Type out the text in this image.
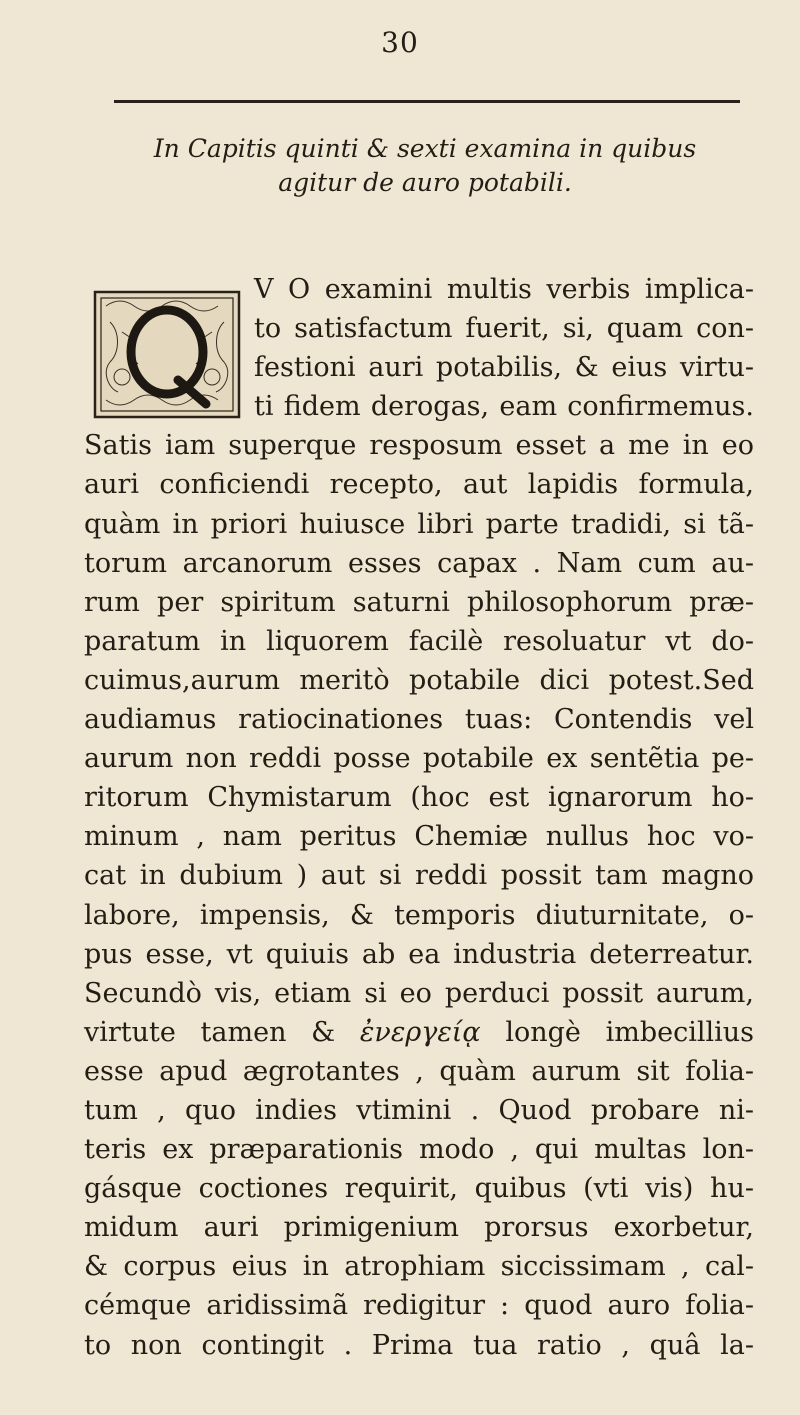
30
In Capitis quinti & sexti examina in quibus
agitur de auro potabili.
Q	V O examini multis verbis implica-
to satisfactum fuerit, si, quam con-
festioni auri potabilis, & eius virtu-
ti fidem derogas, eam confirmemus.
Satis iam superque resposum esset a me in eo
auri conficiendi recepto, aut lapidis formula,
quàm in priori huiusce libri parte tradidi, si tã-
torum arcanorum esses capax . Nam cum au-
rum per spiritum saturni philosophorum præ-
paratum in liquorem facilè resoluatur vt do-
cuimus,aurum meritò potabile dici potest.Sed
audiamus ratiocinationes tuas: Contendis vel
aurum non reddi posse potabile ex sentẽtia pe-
ritorum Chymistarum (hoc est ignarorum ho-
minum , nam peritus Chemiæ nullus hoc vo-
cat in dubium ) aut si reddi possit tam magno
labore, impensis, & temporis diuturnitate, o-
pus esse, vt quiuis ab ea industria deterreatur.
Secundò vis, etiam si eo perduci possit aurum,
virtute tamen & ἐνεργείᾳ longè imbecillius
esse apud ægrotantes , quàm aurum sit folia-
tum , quo indies vtimini . Quod probare ni-
teris ex præparationis modo , qui multas lon-
gásque coctiones requirit, quibus (vti vis) hu-
midum auri primigenium prorsus exorbetur,
& corpus eius in atrophiam siccissimam , cal-
cémque aridissimã redigitur : quod auro folia-
to non contingit . Prima tua ratio , quâ la-
